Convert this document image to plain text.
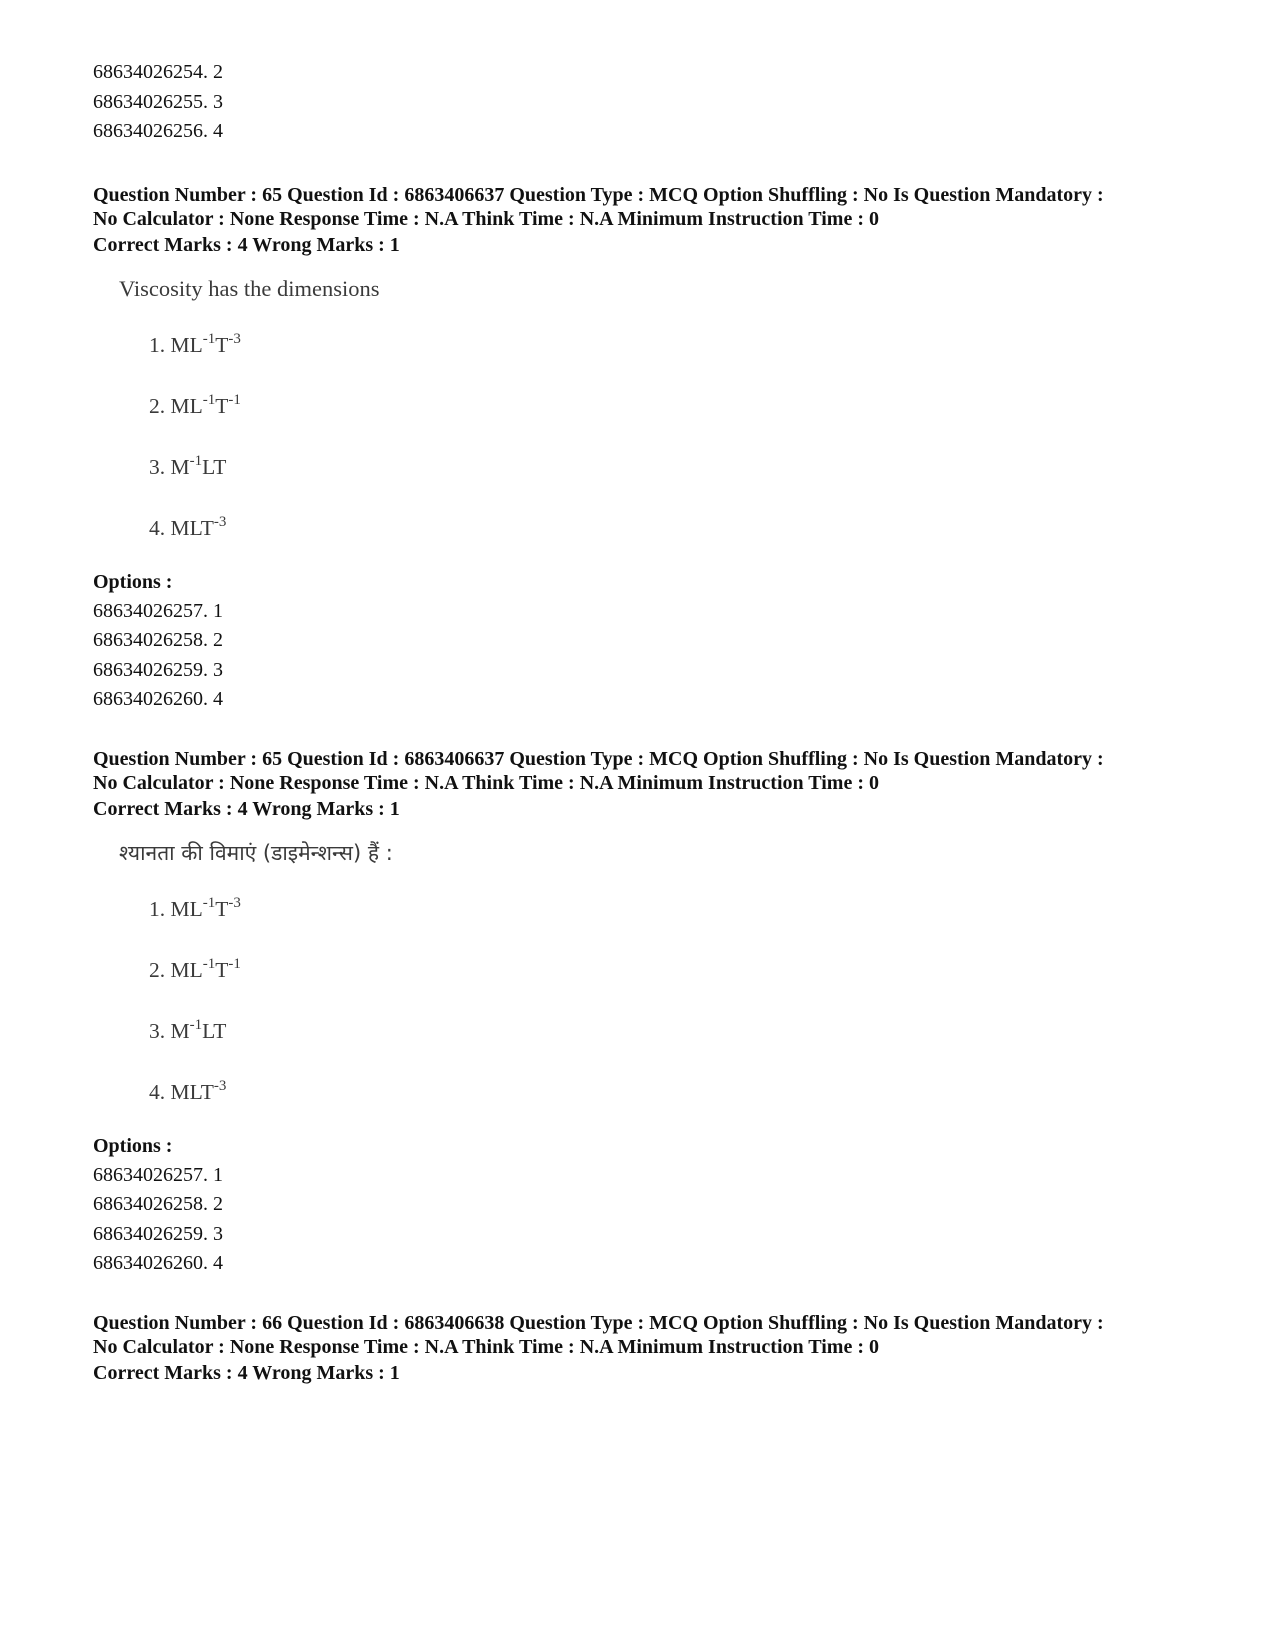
68634026254. 2
68634026255. 3
68634026256. 4
Question Number : 65 Question Id : 6863406637 Question Type : MCQ Option Shuffling : No Is Question Mandatory :
No Calculator : None Response Time : N.A Think Time : N.A Minimum Instruction Time : 0
Correct Marks : 4 Wrong Marks : 1
Viscosity has the dimensions
1. $ML^{-1}T^{-3}$
2. $ML^{-1}T^{-1}$
3. $M^{-1}LT$
4. $MLT^{-3}$
Options :
68634026257. 1
68634026258. 2
68634026259. 3
68634026260. 4
Question Number : 65 Question Id : 6863406637 Question Type : MCQ Option Shuffling : No Is Question Mandatory :
No Calculator : None Response Time : N.A Think Time : N.A Minimum Instruction Time : 0
Correct Marks : 4 Wrong Marks : 1
श्यानता की विमाएं (डाइमेन्शन्स) हैं :
1. $ML^{-1}T^{-3}$
2. $ML^{-1}T^{-1}$
3. $M^{-1}LT$
4. $MLT^{-3}$
Options :
68634026257. 1
68634026258. 2
68634026259. 3
68634026260. 4
Question Number : 66 Question Id : 6863406638 Question Type : MCQ Option Shuffling : No Is Question Mandatory :
No Calculator : None Response Time : N.A Think Time : N.A Minimum Instruction Time : 0
Correct Marks : 4 Wrong Marks : 1
